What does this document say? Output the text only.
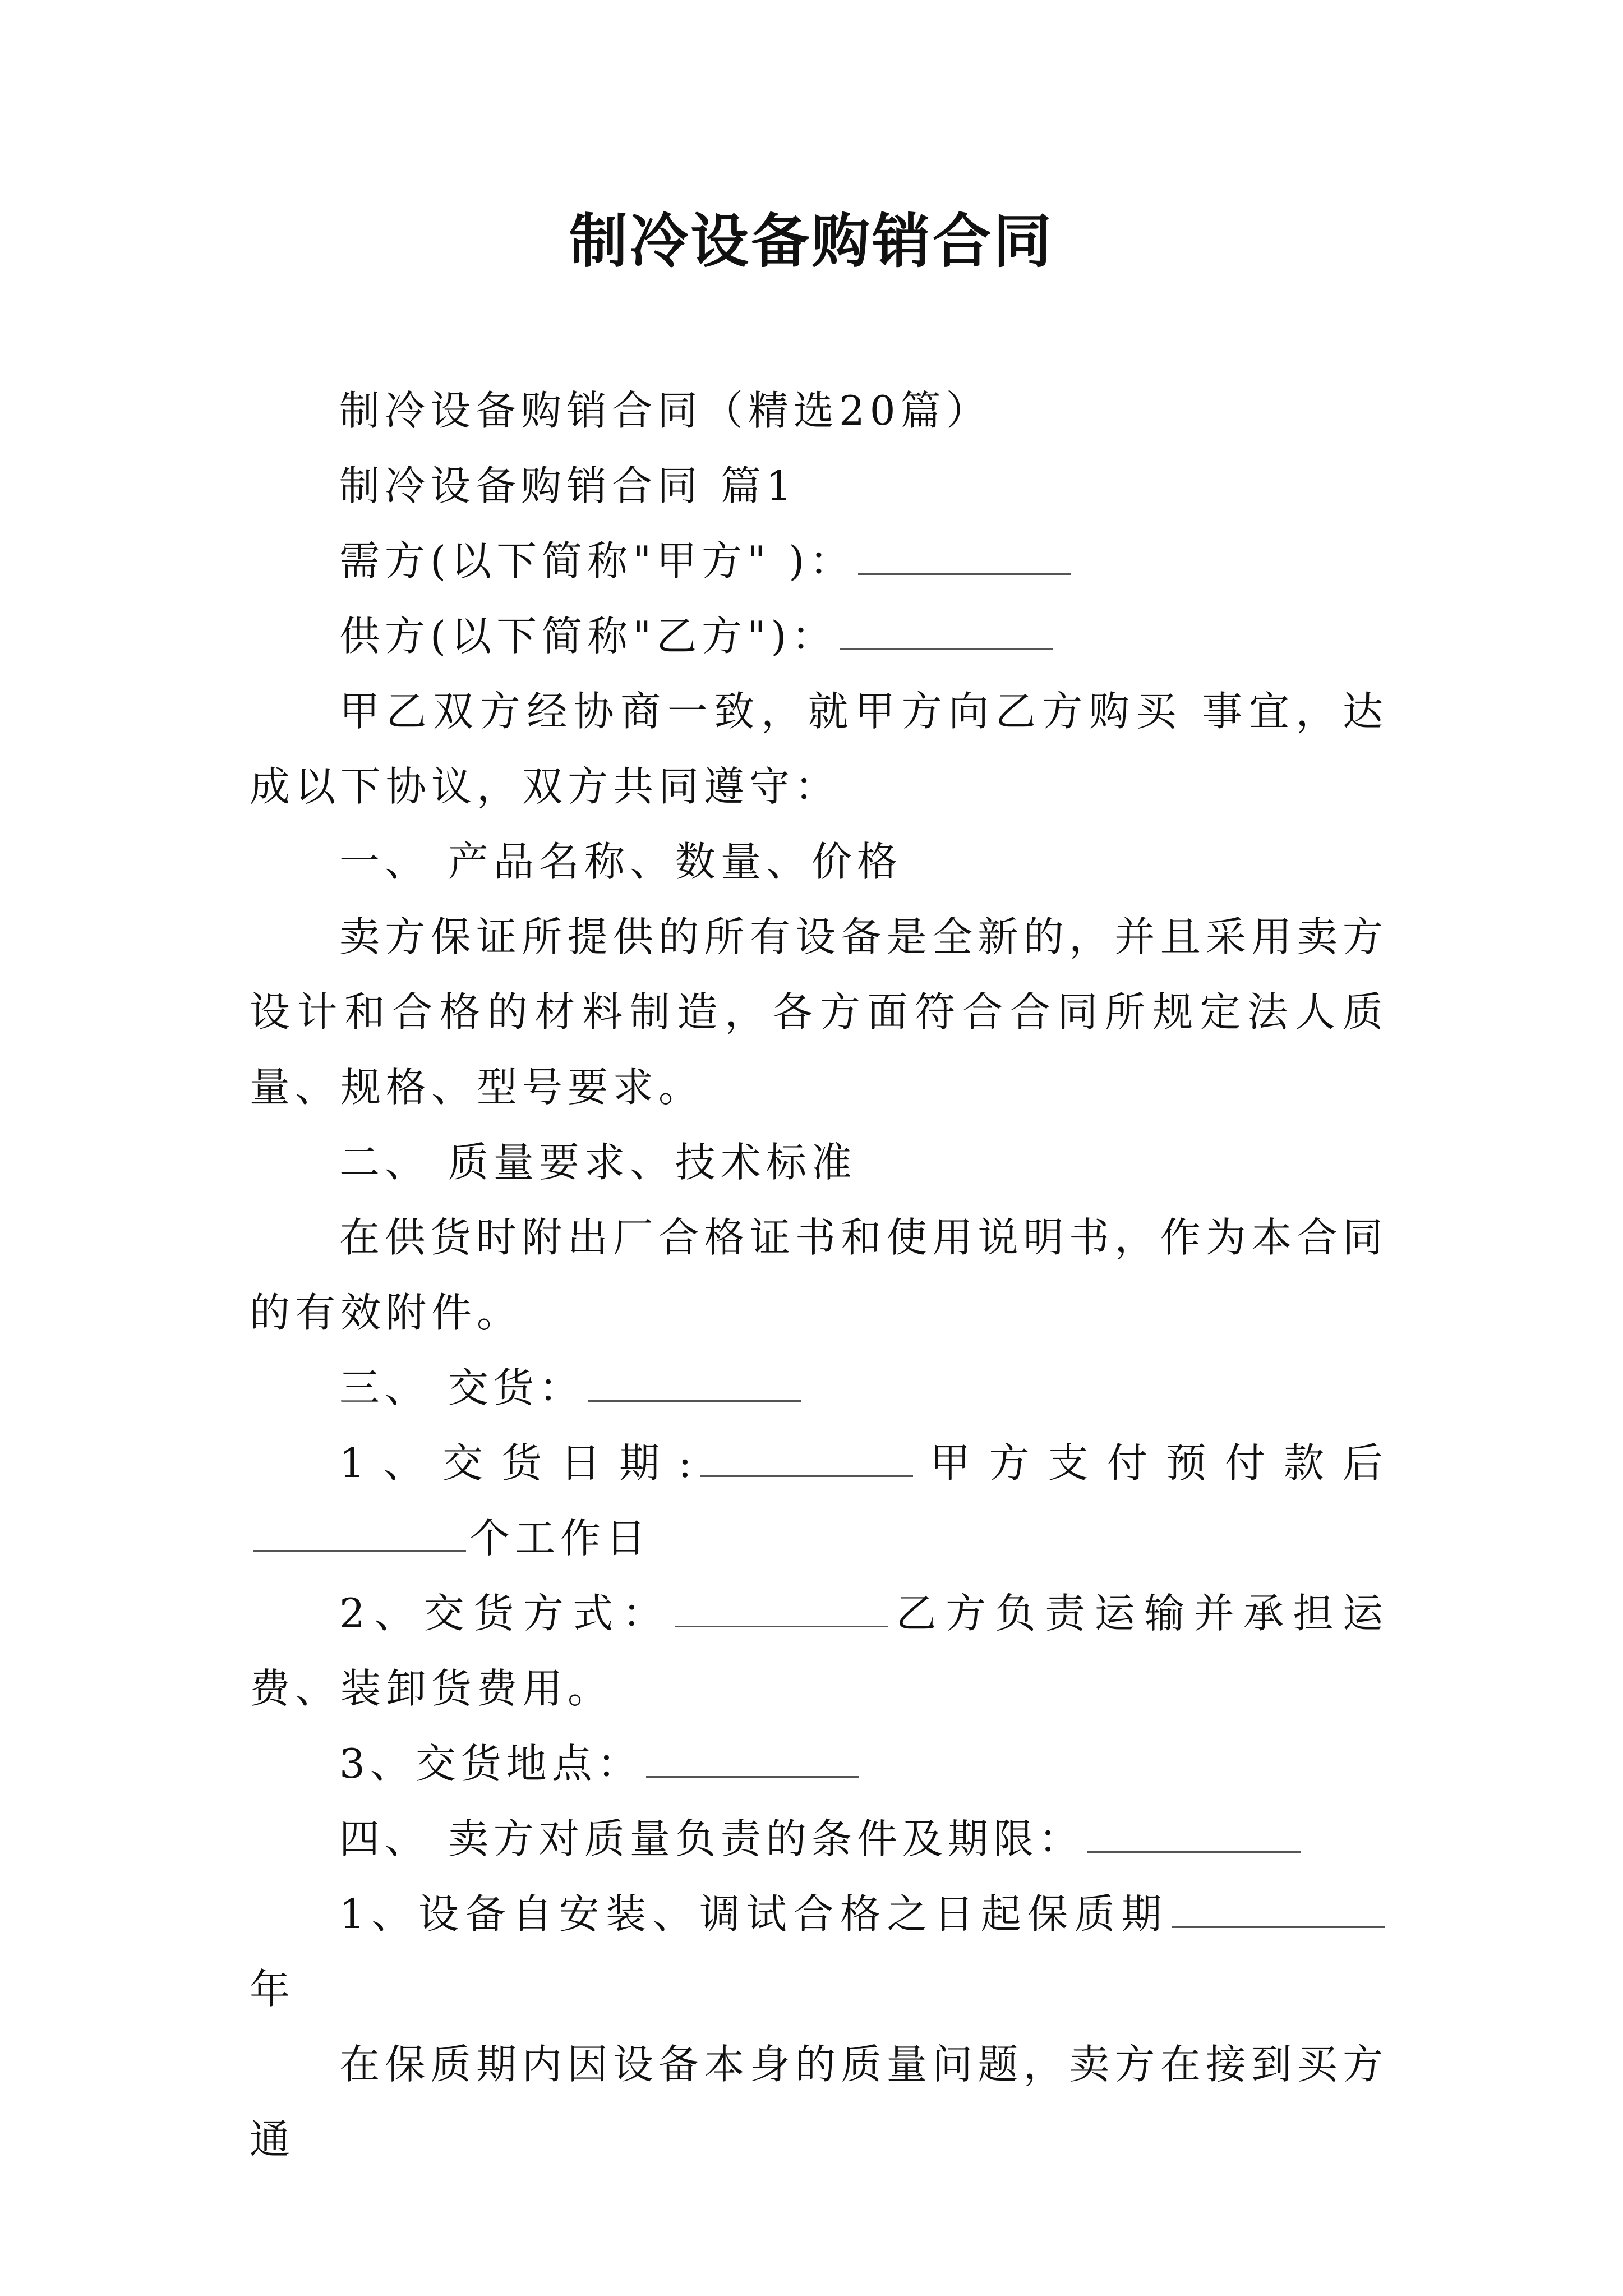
制冷设备购销合同

制冷设备购销合同（精选20篇）

制冷设备购销合同 篇1

需方(以下简称"甲方" )：

供方(以下简称"乙方")：

甲乙双方经协商一致，就甲方向乙方购买 事宜，达成以下协议，双方共同遵守：

一、 产品名称、数量、价格

卖方保证所提供的所有设备是全新的，并且采用卖方设计和合格的材料制造，各方面符合合同所规定法人质量、规格、型号要求。

二、 质量要求、技术标准

在供货时附出厂合格证书和使用说明书，作为本合同的有效附件。

三、 交货：

1、交货日期:	甲方支付预付款后个工作日

2、交货方式：	乙方负责运输并承担运费、装卸货费用。

3、交货地点：

四、 卖方对质量负责的条件及期限：

1、设备自安装、调试合格之日起保质期年

在保质期内因设备本身的质量问题，卖方在接到买方通
